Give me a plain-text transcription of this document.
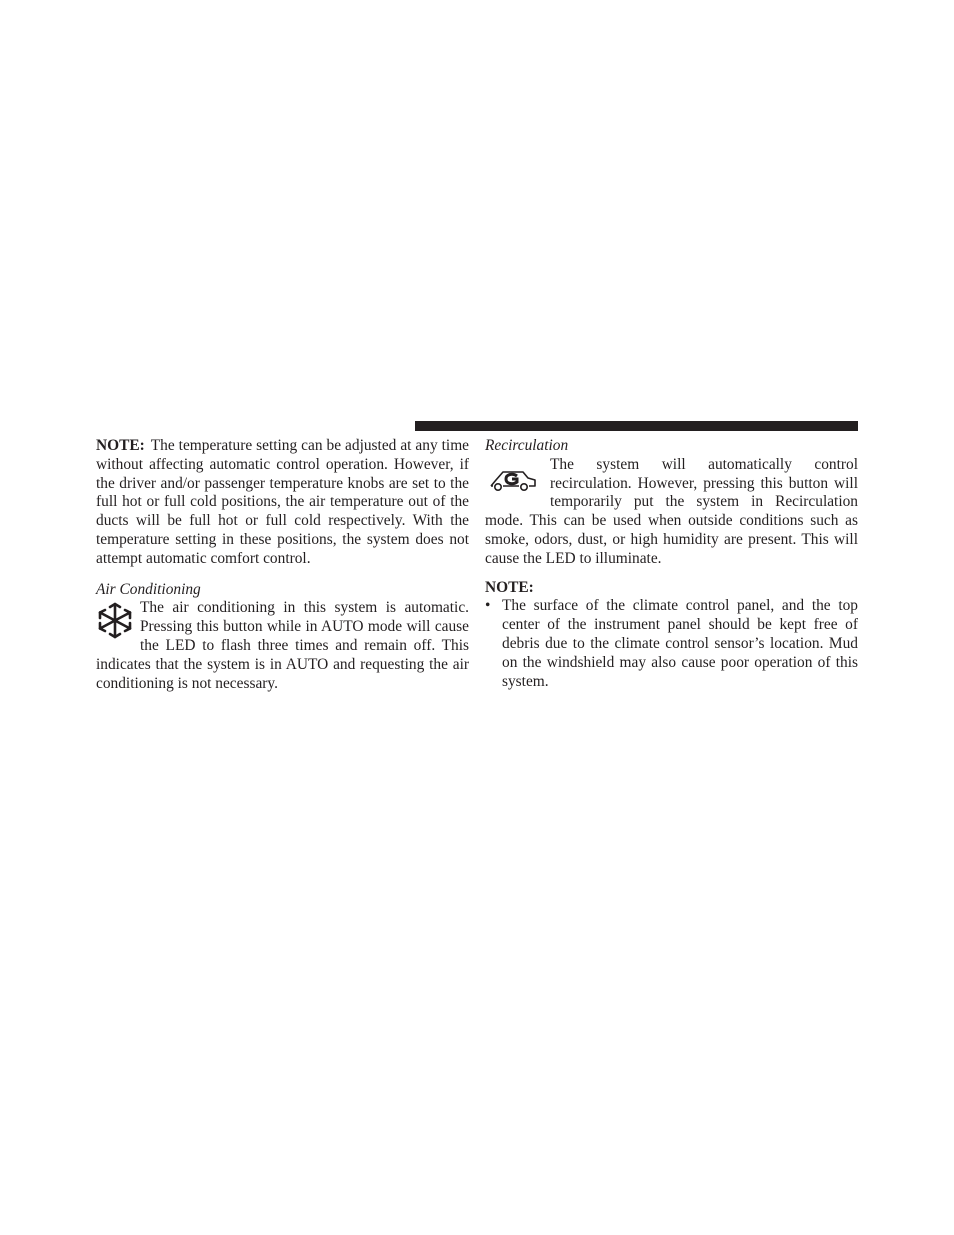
NOTE: The temperature setting can be adjusted at any time without affecting automatic control operation. However, if the driver and/or passenger temperature knobs are set to the full hot or full cold positions, the air temperature out of the ducts will be full hot or full cold respectively. With the temperature setting in these positions, the system does not attempt automatic comfort control.

Air Conditioning

The air conditioning in this system is automatic. Pressing this button while in AUTO mode will cause the LED to flash three times and remain off. This indicates that the system is in AUTO and requesting the air conditioning is not necessary.

Recirculation

The system will automatically control recirculation. However, pressing this button will temporarily put the system in Recirculation mode. This can be used when outside conditions such as smoke, odors, dust, or high humidity are present. This will cause the LED to illuminate.

NOTE:

• The surface of the climate control panel, and the top center of the instrument panel should be kept free of debris due to the climate control sensor’s location. Mud on the windshield may also cause poor operation of this system.
